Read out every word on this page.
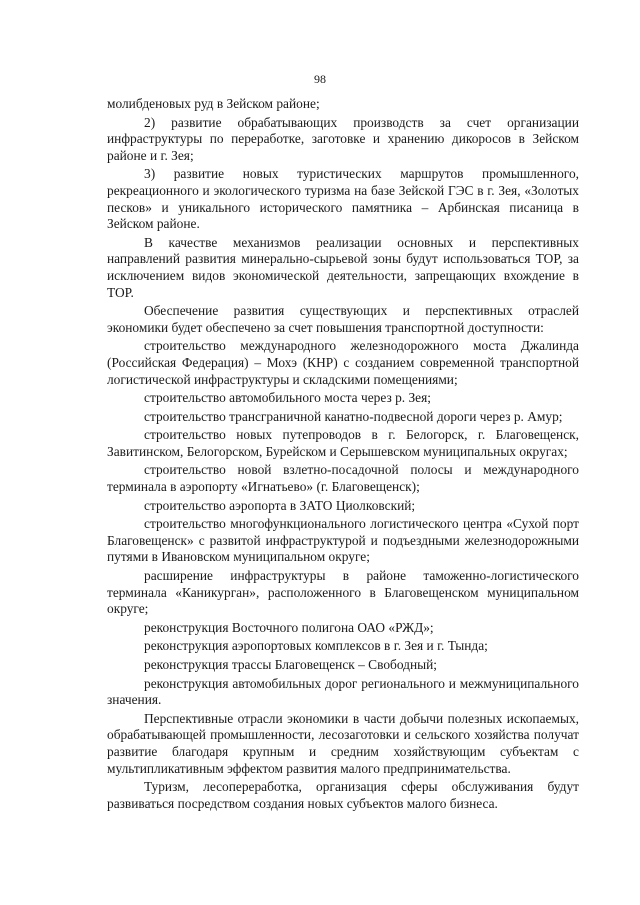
98

молибденовых руд в Зейском районе;

2) развитие обрабатывающих производств за счет организации инфраструктуры по переработке, заготовке и хранению дикоросов в Зейском районе и г. Зея;

3) развитие новых туристических маршрутов промышленного, рекреационного и экологического туризма на базе Зейской ГЭС в г. Зея, «Золотых песков» и уникального исторического памятника – Арбинская писаница в Зейском районе.

В качестве механизмов реализации основных и перспективных направлений развития минерально-сырьевой зоны будут использоваться ТОР, за исключением видов экономической деятельности, запрещающих вхождение в ТОР.

Обеспечение развития существующих и перспективных отраслей экономики будет обеспечено за счет повышения транспортной доступности:

строительство международного железнодорожного моста Джалинда (Российская Федерация) – Мохэ (КНР) с созданием современной транспортной логистической инфраструктуры и складскими помещениями;

строительство автомобильного моста через р. Зея;

строительство трансграничной канатно-подвесной дороги через р. Амур;

строительство новых путепроводов в г. Белогорск, г. Благовещенск, Завитинском, Белогорском, Бурейском и Серышевском муниципальных округах;

строительство новой взлетно-посадочной полосы и международного терминала в аэропорту «Игнатьево» (г. Благовещенск);

строительство аэропорта в ЗАТО Циолковский;

строительство многофункционального логистического центра «Сухой порт Благовещенск» с развитой инфраструктурой и подъездными железнодорожными путями в Ивановском муниципальном округе;

расширение инфраструктуры в районе таможенно-логистического терминала «Каникурган», расположенного в Благовещенском муниципальном округе;

реконструкция Восточного полигона ОАО «РЖД»;

реконструкция аэропортовых комплексов в г. Зея и г. Тында;

реконструкция трассы Благовещенск – Свободный;

реконструкция автомобильных дорог регионального и межмуниципального значения.

Перспективные отрасли экономики в части добычи полезных ископаемых, обрабатывающей промышленности, лесозаготовки и сельского хозяйства получат развитие благодаря крупным и средним хозяйствующим субъектам с мультипликативным эффектом развития малого предпринимательства.

Туризм, лесопереработка, организация сферы обслуживания будут развиваться посредством создания новых субъектов малого бизнеса.
